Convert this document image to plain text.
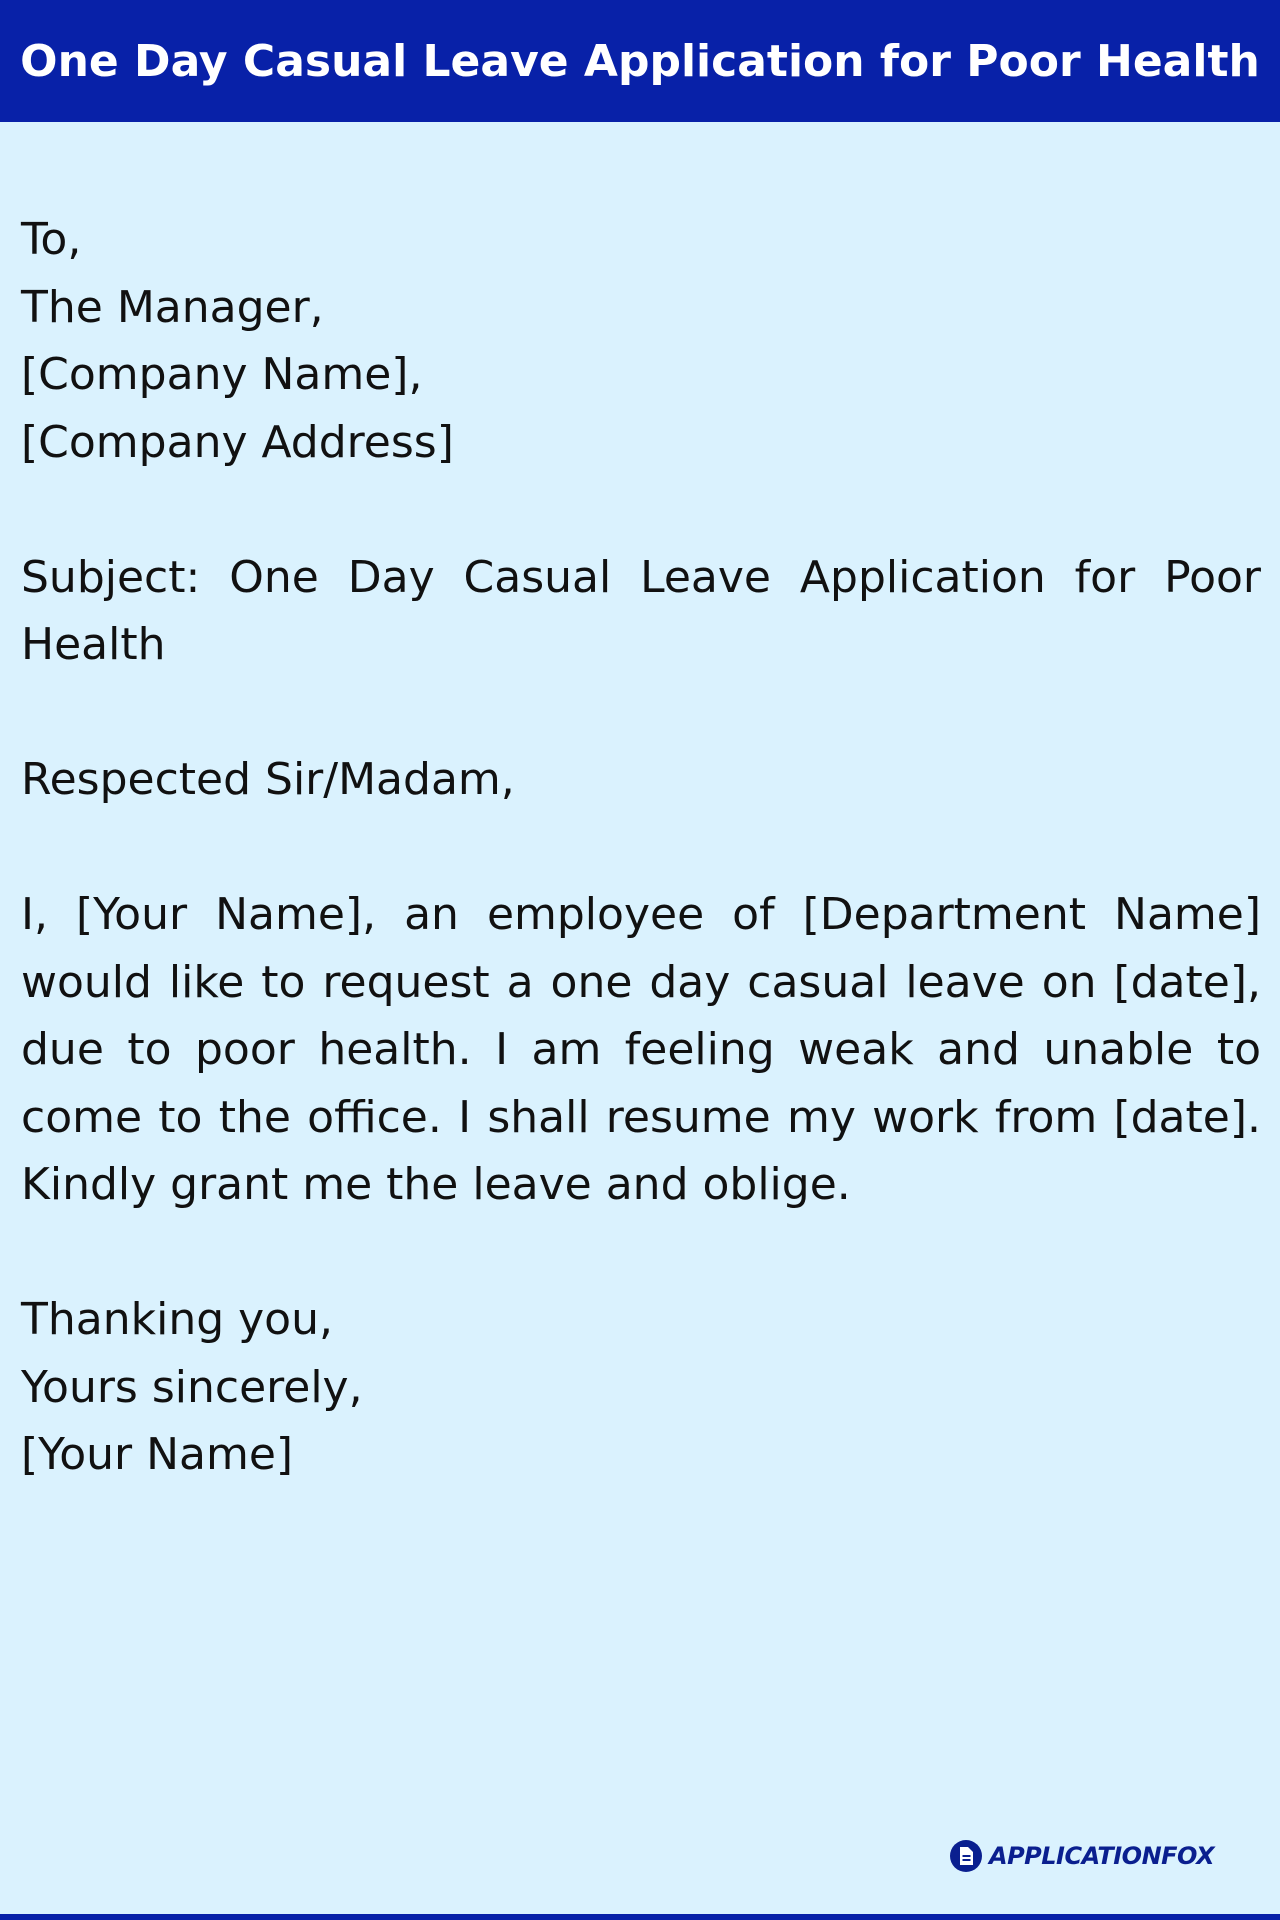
One Day Casual Leave Application for Poor Health
To,
The Manager,
[Company Name],
[Company Address]
Subject: One Day Casual Leave Application for Poor Health
Respected Sir/Madam,
I, [Your Name], an employee of [Department Name] would like to request a one day casual leave on [date], due to poor health. I am feeling weak and unable to come to the office. I shall resume my work from [date]. Kindly grant me the leave and oblige.
Thanking you,
Yours sincerely,
[Your Name]
APPLICATIONFOX
